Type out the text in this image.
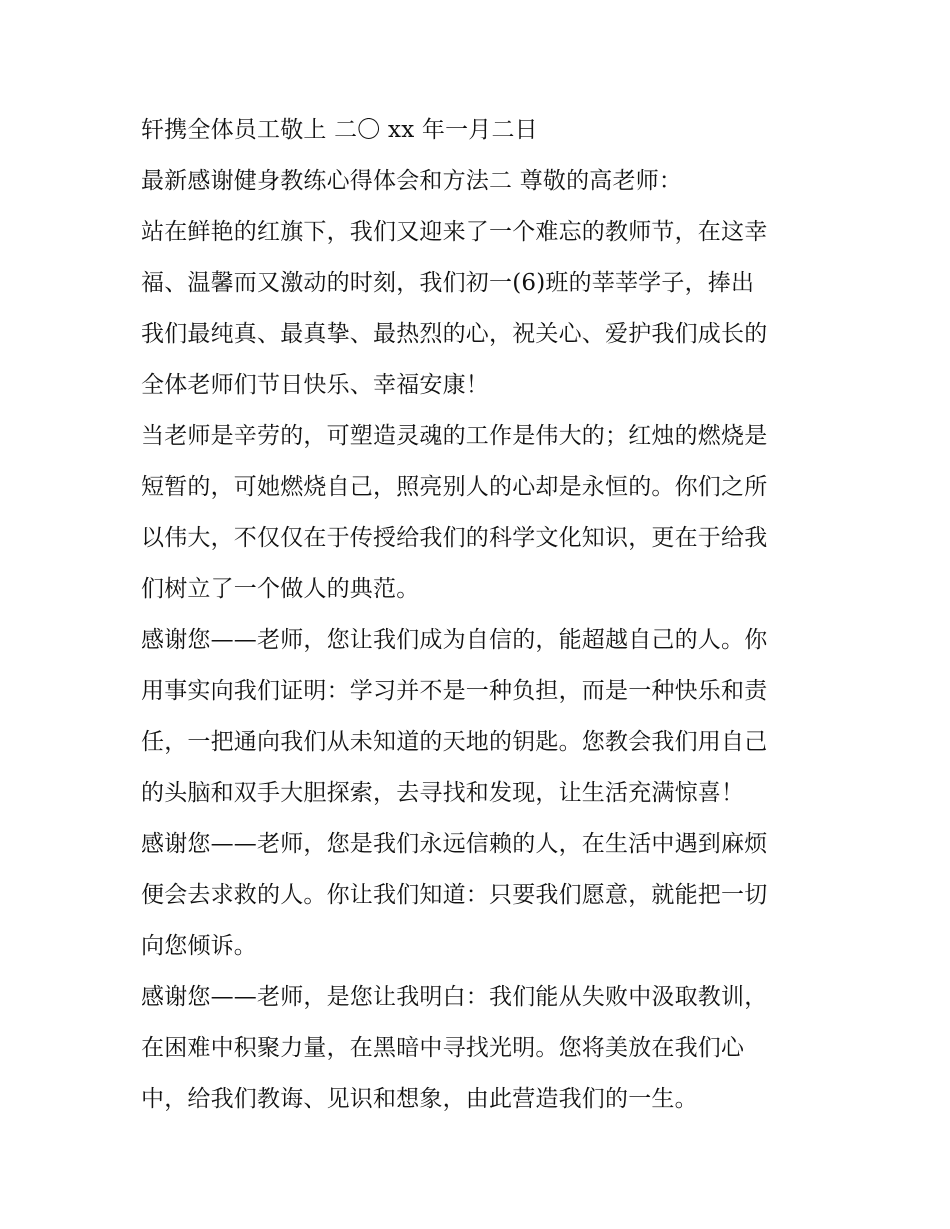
轩携全体员工敬上 二〇 xx 年一月二日
最新感谢健身教练心得体会和方法二 尊敬的高老师：
站在鲜艳的红旗下，我们又迎来了一个难忘的教师节，在这幸
福、温馨而又激动的时刻，我们初一(6)班的莘莘学子，捧出
我们最纯真、最真挚、最热烈的心，祝关心、爱护我们成长的
全体老师们节日快乐、幸福安康！
当老师是辛劳的，可塑造灵魂的工作是伟大的；红烛的燃烧是
短暂的，可她燃烧自己，照亮别人的心却是永恒的。你们之所
以伟大，不仅仅在于传授给我们的科学文化知识，更在于给我
们树立了一个做人的典范。
感谢您——老师，您让我们成为自信的，能超越自己的人。你
用事实向我们证明：学习并不是一种负担，而是一种快乐和责
任，一把通向我们从未知道的天地的钥匙。您教会我们用自己
的头脑和双手大胆探索，去寻找和发现，让生活充满惊喜！
感谢您——老师，您是我们永远信赖的人，在生活中遇到麻烦
便会去求救的人。你让我们知道：只要我们愿意，就能把一切
向您倾诉。
感谢您——老师，是您让我明白：我们能从失败中汲取教训，
在困难中积聚力量，在黑暗中寻找光明。您将美放在我们心
中，给我们教诲、见识和想象，由此营造我们的一生。
